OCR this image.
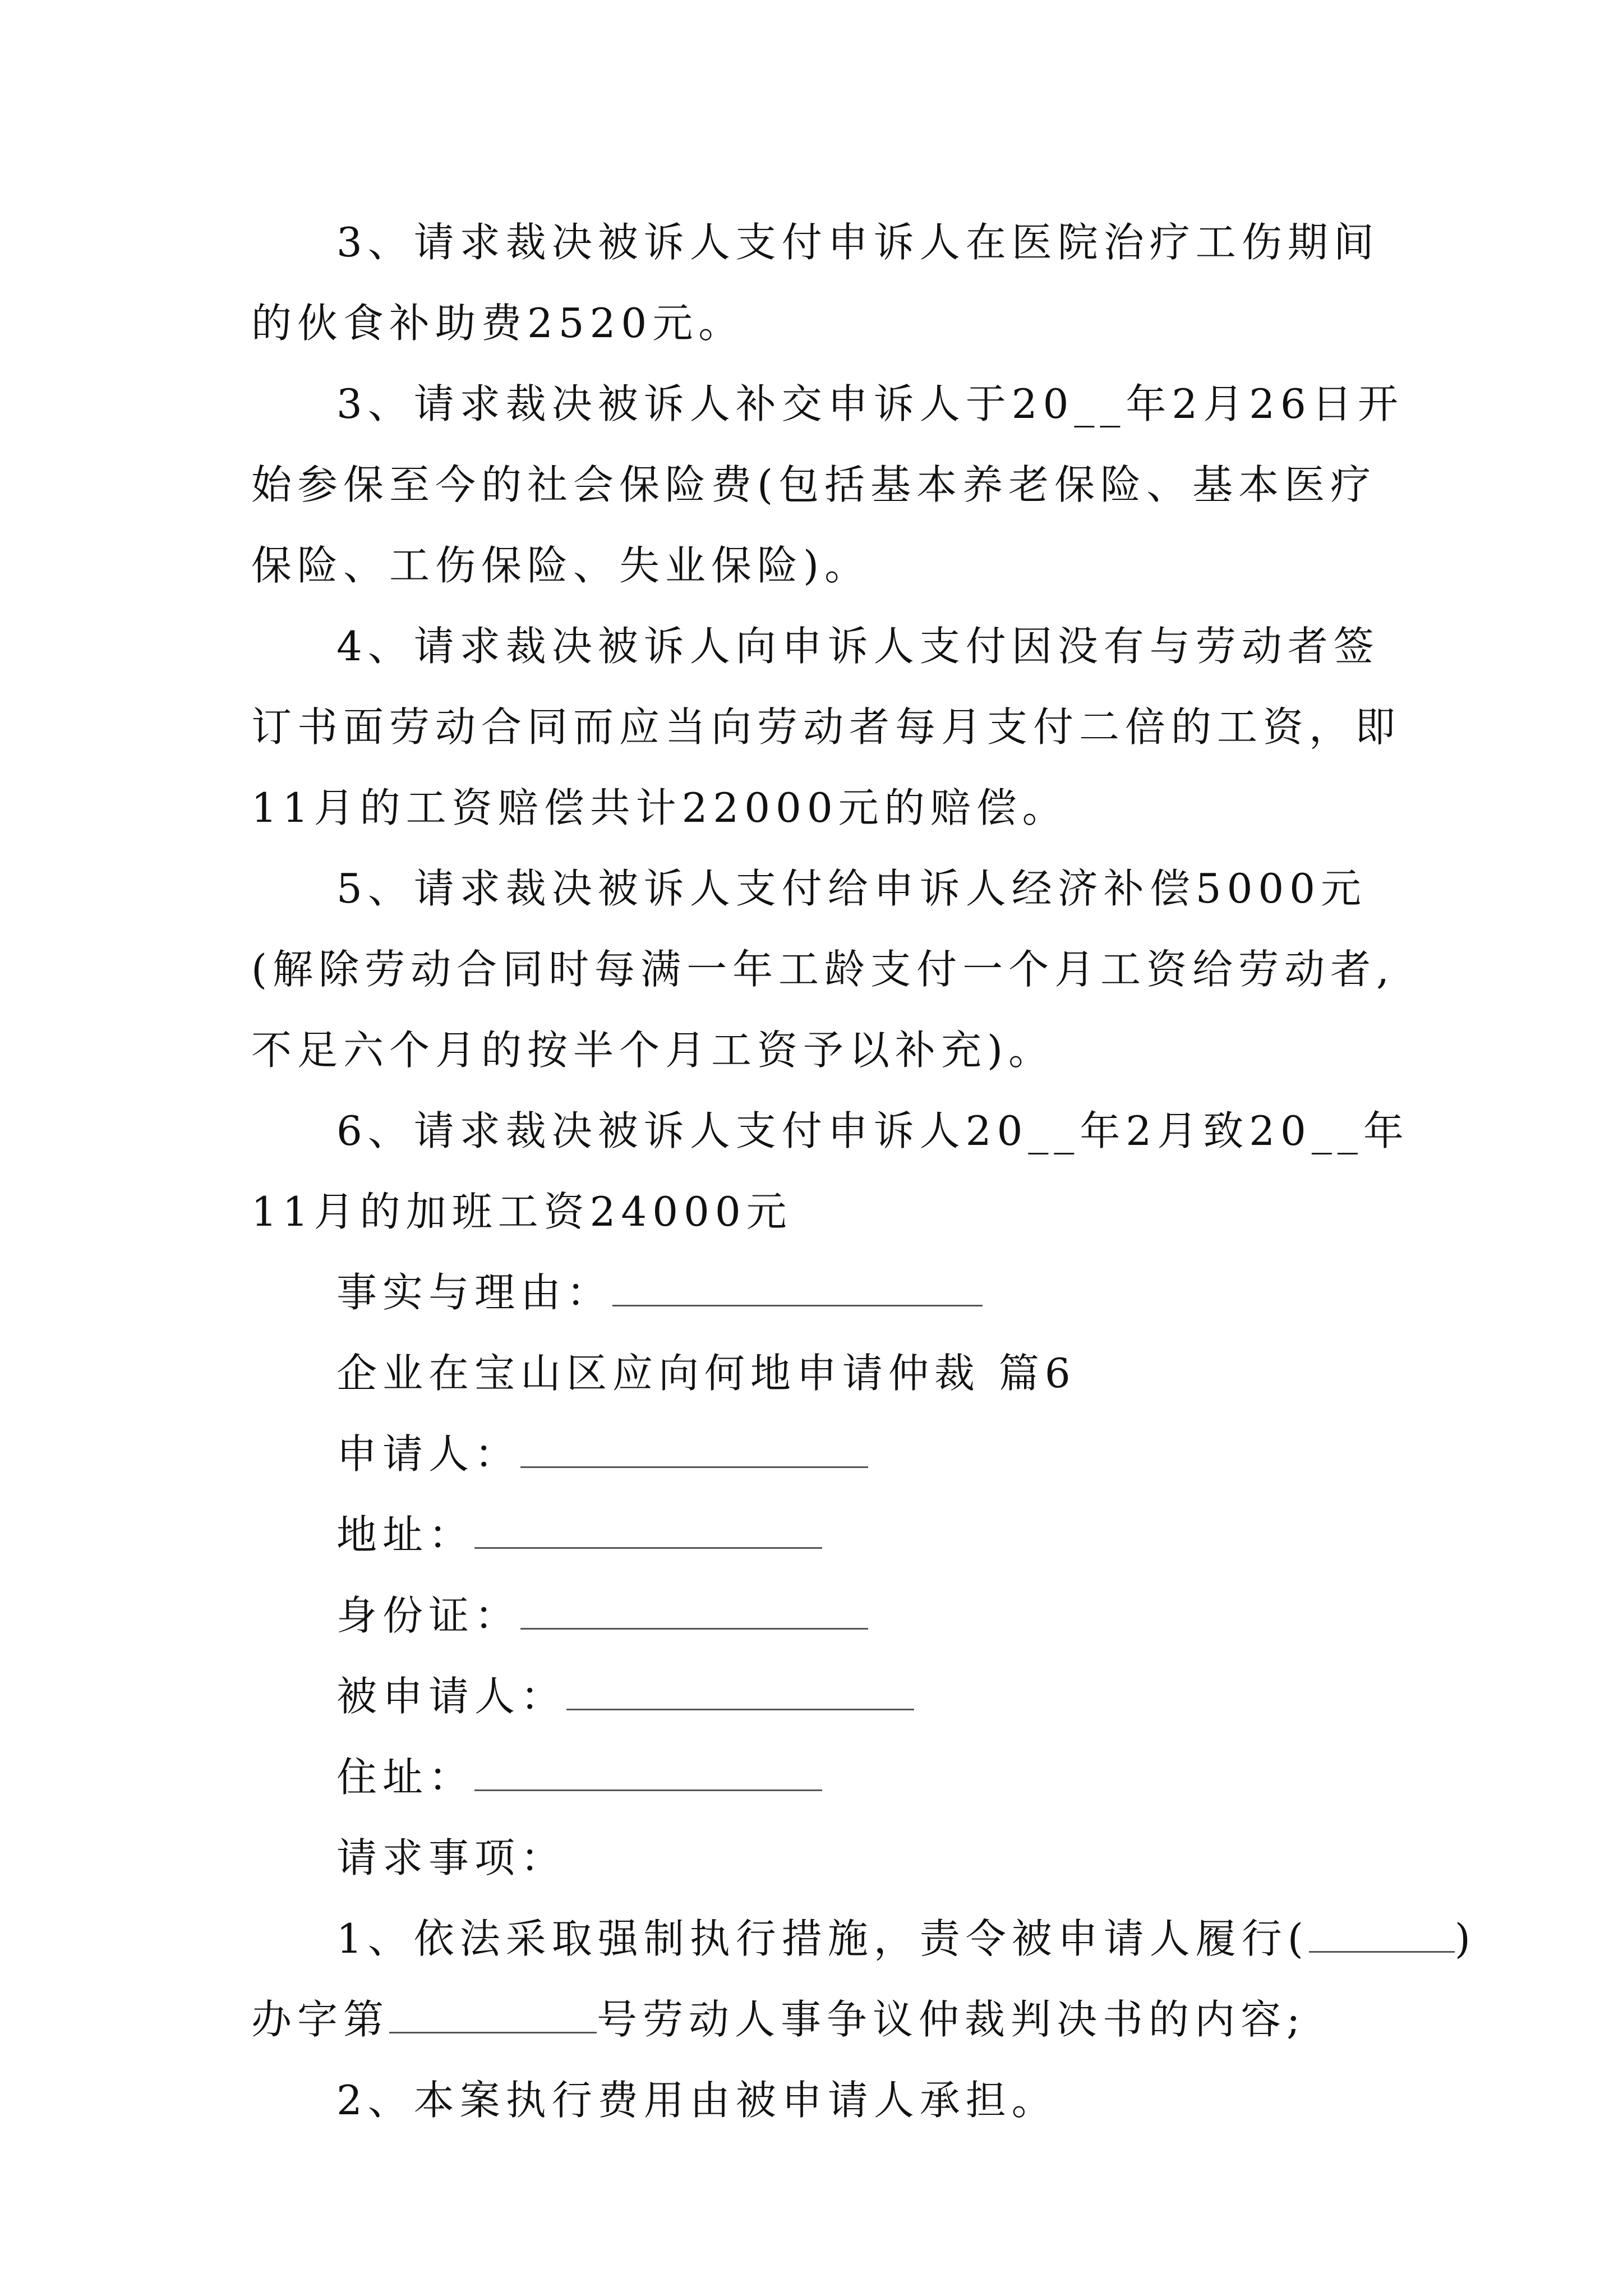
3、请求裁决被诉人支付申诉人在医院治疗工伤期间的伙食补助费2520元。

3、请求裁决被诉人补交申诉人于20__年2月26日开始参保至今的社会保险费(包括基本养老保险、基本医疗保险、工伤保险、失业保险)。

4、请求裁决被诉人向申诉人支付因没有与劳动者签订书面劳动合同而应当向劳动者每月支付二倍的工资，即11月的工资赔偿共计22000元的赔偿。

5、请求裁决被诉人支付给申诉人经济补偿5000元(解除劳动合同时每满一年工龄支付一个月工资给劳动者,不足六个月的按半个月工资予以补充)。

6、请求裁决被诉人支付申诉人20__年2月致20__年11月的加班工资24000元

事实与理由：

企业在宝山区应向何地申请仲裁 篇6

申请人：

地址：

身份证：

被申请人：

住址：

请求事项：

1、依法采取强制执行措施，责令被申请人履行(	)

办字第	号劳动人事争议仲裁判决书的内容;

2、本案执行费用由被申请人承担。
